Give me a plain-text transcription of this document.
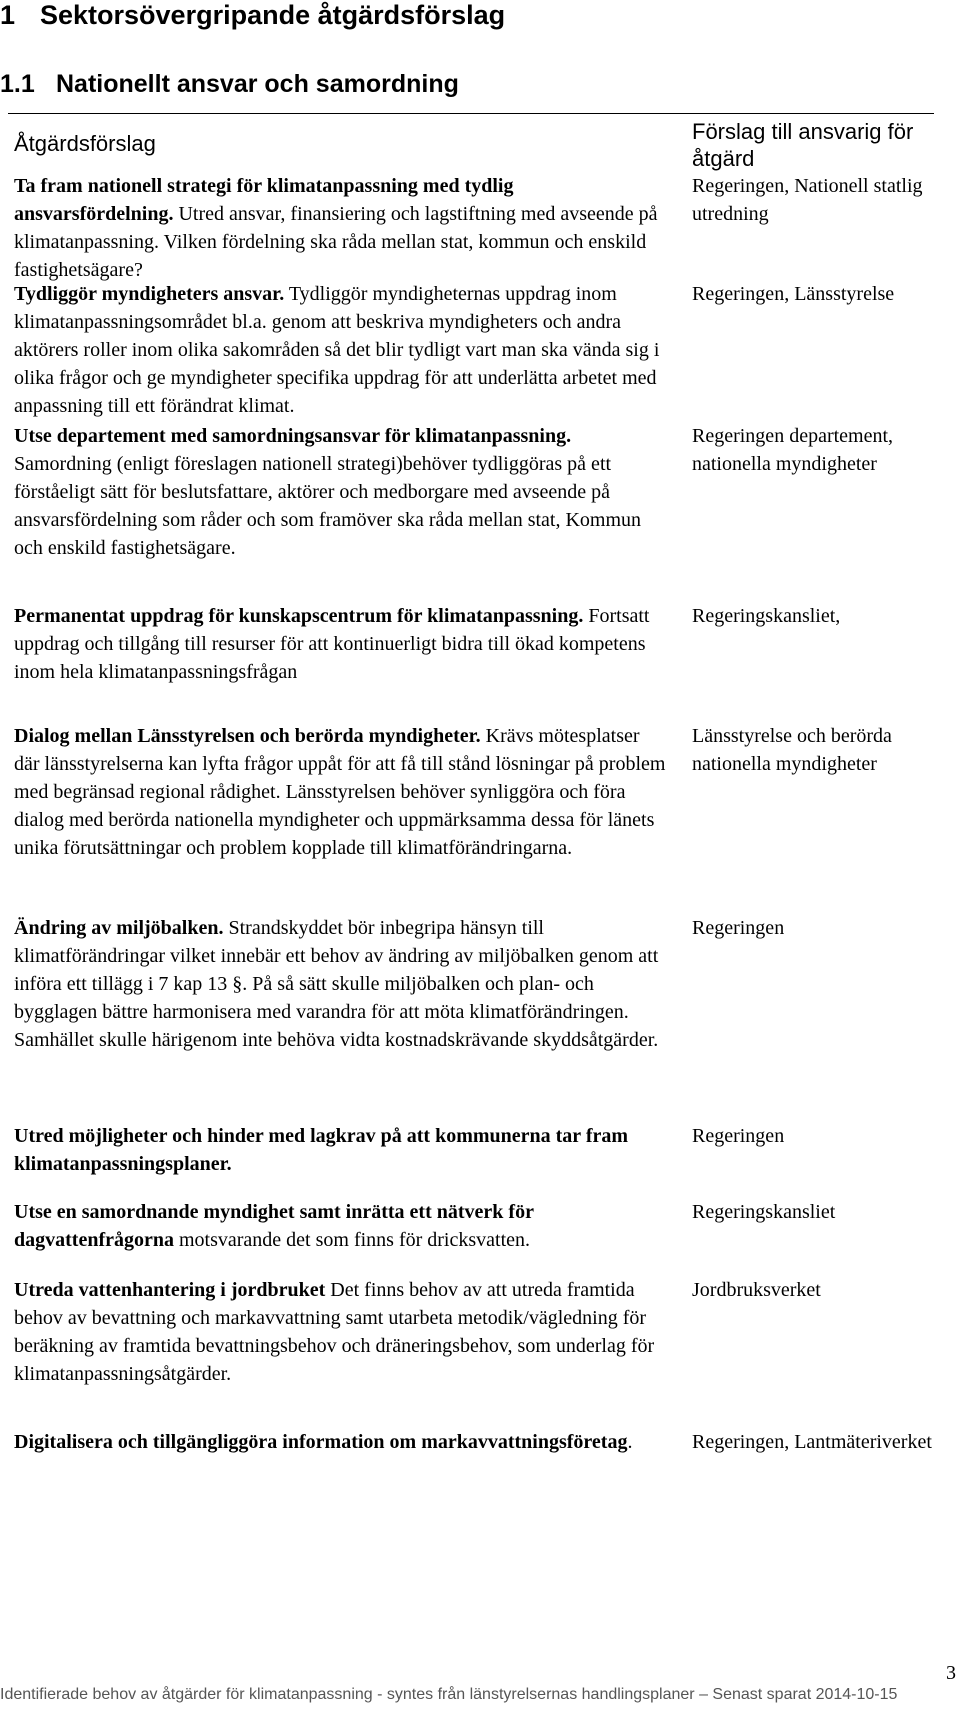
1 Sektorsövergripande åtgärdsförslag
1.1 Nationellt ansvar och samordning
Åtgärdsförslag	Förslag till ansvarig för åtgärd
Ta fram nationell strategi för klimatanpassning med tydlig ansvarsfördelning. Utred ansvar, finansiering och lagstiftning med avseende på klimatanpassning. Vilken fördelning ska råda mellan stat, kommun och enskild fastighetsägare?
Regeringen, Nationell statlig utredning
Tydliggör myndigheters ansvar. Tydliggör myndigheternas uppdrag inom klimatanpassningsområdet bl.a. genom att beskriva myndigheters och andra aktörers roller inom olika sakområden så det blir tydligt vart man ska vända sig i olika frågor och ge myndigheter specifika uppdrag för att underlätta arbetet med anpassning till ett förändrat klimat.
Regeringen, Länsstyrelse
Utse departement med samordningsansvar för klimatanpassning. Samordning (enligt föreslagen nationell strategi)behöver tydliggöras på ett förståeligt sätt för beslutsfattare, aktörer och medborgare med avseende på ansvarsfördelning som råder och som framöver ska råda mellan stat, Kommun och enskild fastighetsägare.
Regeringen departement, nationella myndigheter
Permanentat uppdrag för kunskapscentrum för klimatanpassning. Fortsatt uppdrag och tillgång till resurser för att kontinuerligt bidra till ökad kompetens inom hela klimatanpassningsfrågan
Regeringskansliet,
Dialog mellan Länsstyrelsen och berörda myndigheter. Krävs mötesplatser där länsstyrelserna kan lyfta frågor uppåt för att få till stånd lösningar på problem med begränsad regional rådighet. Länsstyrelsen behöver synliggöra och föra dialog med berörda nationella myndigheter och uppmärksamma dessa för länets unika förutsättningar och problem kopplade till klimatförändringarna.
Länsstyrelse och berörda nationella myndigheter
Ändring av miljöbalken. Strandskyddet bör inbegripa hänsyn till klimatförändringar vilket innebär ett behov av ändring av miljöbalken genom att införa ett tillägg i 7 kap 13 §. På så sätt skulle miljöbalken och plan- och bygglagen bättre harmonisera med varandra för att möta klimatförändringen. Samhället skulle härigenom inte behöva vidta kostnadskrävande skyddsåtgärder.
Regeringen
Utred möjligheter och hinder med lagkrav på att kommunerna tar fram klimatanpassningsplaner.
Regeringen
Utse en samordnande myndighet samt inrätta ett nätverk för dagvattenfrågorna motsvarande det som finns för dricksvatten.
Regeringskansliet
Utreda vattenhantering i jordbruket Det finns behov av att utreda framtida behov av bevattning och markavvattning samt utarbeta metodik/vägledning för beräkning av framtida bevattningsbehov och dräneringsbehov, som underlag för klimatanpassningsåtgärder.
Jordbruksverket
Digitalisera och tillgängliggöra information om markavvattningsföretag.	Regeringen, Lantmäteriverket
3
Identifierade behov av åtgärder för klimatanpassning - syntes från länstyrelsernas handlingsplaner – Senast sparat 2014-10-15
